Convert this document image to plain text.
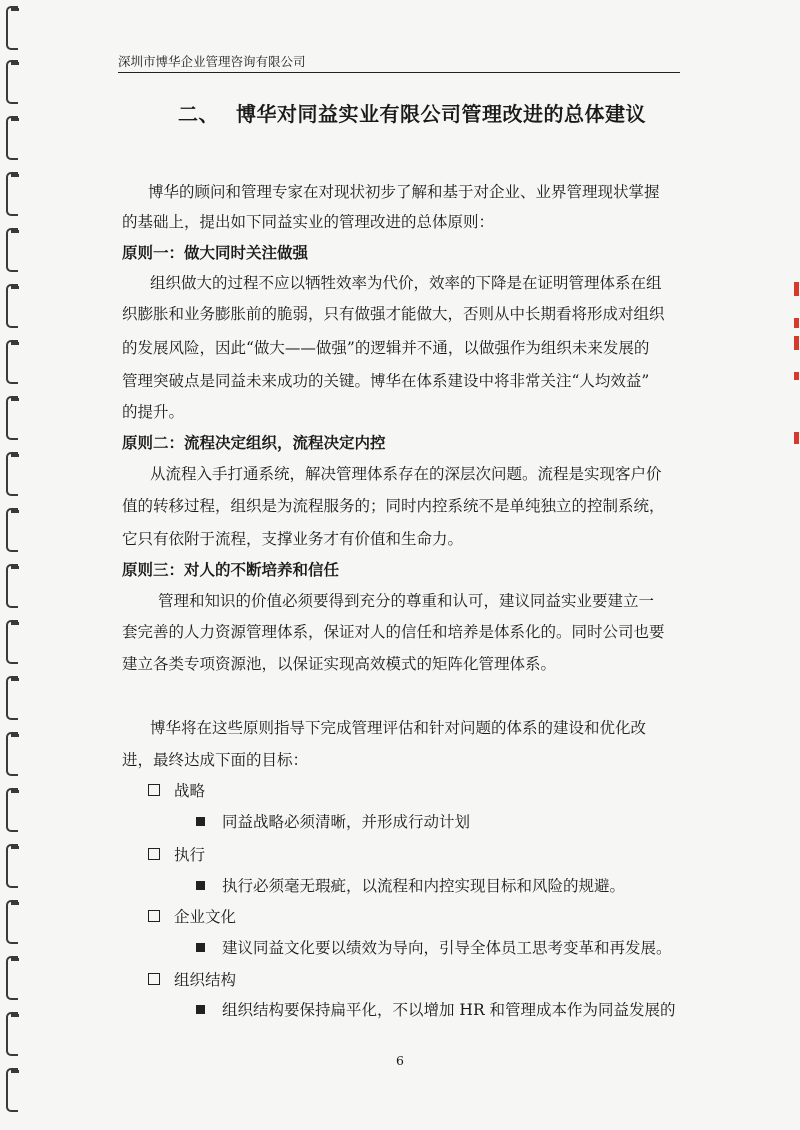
深圳市博华企业管理咨询有限公司
二、 博华对同益实业有限公司管理改进的总体建议
博华的顾问和管理专家在对现状初步了解和基于对企业、业界管理现状掌握
的基础上，提出如下同益实业的管理改进的总体原则：
原则一：做大同时关注做强
组织做大的过程不应以牺牲效率为代价，效率的下降是在证明管理体系在组
织膨胀和业务膨胀前的脆弱，只有做强才能做大，否则从中长期看将形成对组织
的发展风险，因此“做大——做强”的逻辑并不通，以做强作为组织未来发展的
管理突破点是同益未来成功的关键。博华在体系建设中将非常关注“人均效益”
的提升。
原则二：流程决定组织，流程决定内控
从流程入手打通系统，解决管理体系存在的深层次问题。流程是实现客户价
值的转移过程，组织是为流程服务的；同时内控系统不是单纯独立的控制系统，
它只有依附于流程，支撑业务才有价值和生命力。
原则三：对人的不断培养和信任
管理和知识的价值必须要得到充分的尊重和认可，建议同益实业要建立一
套完善的人力资源管理体系，保证对人的信任和培养是体系化的。同时公司也要
建立各类专项资源池，以保证实现高效模式的矩阵化管理体系。
博华将在这些原则指导下完成管理评估和针对问题的体系的建设和优化改
进，最终达成下面的目标：
战略
同益战略必须清晰，并形成行动计划
执行
执行必须毫无瑕疵，以流程和内控实现目标和风险的规避。
企业文化
建议同益文化要以绩效为导向，引导全体员工思考变革和再发展。
组织结构
组织结构要保持扁平化，不以增加 HR 和管理成本作为同益发展的
6
